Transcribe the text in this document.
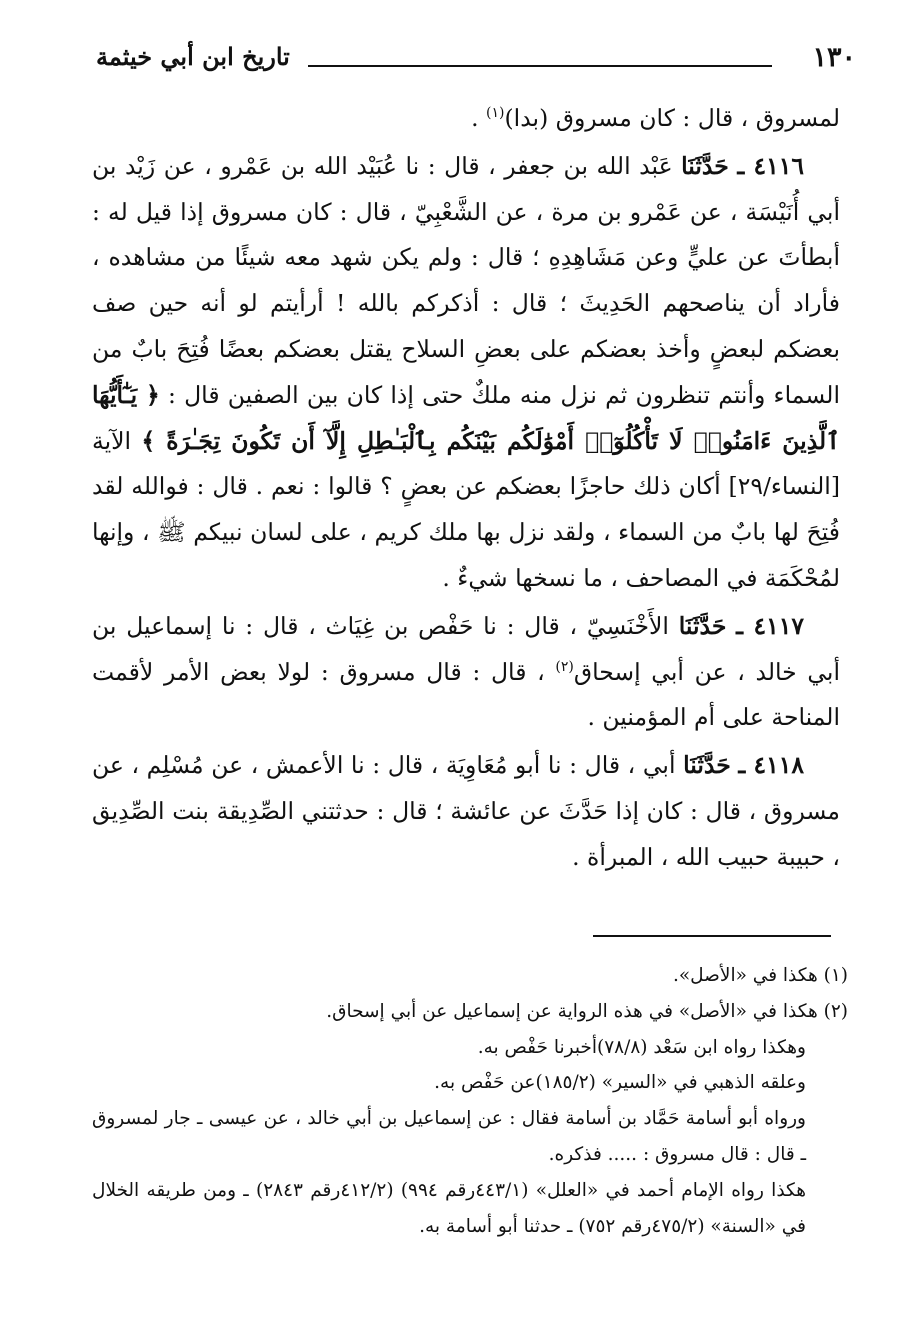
١٣٠
تاريخ ابن أبي خيثمة

لمسروق ، قال : كان مسروق (بدا)$^{(١)}$ .

٤١١٦ ـ حَدَّثَنَا عَبْد الله بن جعفر ، قال : نا عُبَيْد الله بن عَمْرو ، عن زَيْد بن أبي أُنَيْسَة ، عن عَمْرو بن مرة ، عن الشَّعْبِيّ ، قال : كان مسروق إذا قيل له : أبطأتَ عن عليٍّ وعن مَشَاهِدِهِ ؛ قال : ولم يكن شهد معه شيئًا من مشاهده ، فأراد أن يناصحهم الحَدِيثَ ؛ قال : أذكركم بالله ! أرأيتم لو أنه حين صف بعضكم لبعضٍ وأخذ بعضكم على بعضِ السلاح يقتل بعضكم بعضًا فُتِحَ بابٌ من السماء وأنتم تنظرون ثم نزل منه ملكٌ حتى إذا كان بين الصفين قال : ﴿ يَـٰٓأَيُّهَا ٱلَّذِينَ ءَامَنُوا۟ لَا تَأْكُلُوٓا۟ أَمْوَٰلَكُم بَيْنَكُم بِٱلْبَـٰطِلِ إِلَّآ أَن تَكُونَ تِجَـٰرَةً ﴾ الآية [النساء/٢٩] أكان ذلك حاجزًا بعضكم عن بعضٍ ؟ قالوا : نعم . قال : فوالله لقد فُتِحَ لها بابٌ من السماء ، ولقد نزل بها ملك كريم ، على لسان نبيكم ﷺ ، وإنها لمُحْكَمَة في المصاحف ، ما نسخها شيءٌ .

٤١١٧ ـ حَدَّثَنَا الأَخْنَسِيّ ، قال : نا حَفْص بن غِيَاث ، قال : نا إسماعيل بن أبي خالد ، عن أبي إسحاق$^{(٢)}$ ، قال : قال مسروق : لولا بعض الأمر لأقمت المناحة على أم المؤمنين .

٤١١٨ ـ حَدَّثَنَا أبي ، قال : نا أبو مُعَاوِيَة ، قال : نا الأعمش ، عن مُسْلِم ، عن مسروق ، قال : كان إذا حَدَّثَ عن عائشة ؛ قال : حدثتني الصِّدِيقة بنت الصِّدِيق ، حبيبة حبيب الله ، المبرأة .

(١) هكذا في «الأصل».

(٢) هكذا في «الأصل» في هذه الرواية عن إسماعيل عن أبي إسحاق.

وهكذا رواه ابن سَعْد (٧٨/٨)أخبرنا حَفْص به.

وعلقه الذهبي في «السير» (١٨٥/٢)عن حَفْص به.

ورواه أبو أسامة حَمَّاد بن أسامة فقال : عن إسماعيل بن أبي خالد ، عن عيسى ـ جار لمسروق ـ قال : قال مسروق : ..... فذكره.

هكذا رواه الإمام أحمد في «العلل» (٤٤٣/١رقم ٩٩٤) (٤١٢/٢رقم ٢٨٤٣) ـ ومن طريقه الخلال في «السنة» (٤٧٥/٢رقم ٧٥٢) ـ حدثنا أبو أسامة به.
